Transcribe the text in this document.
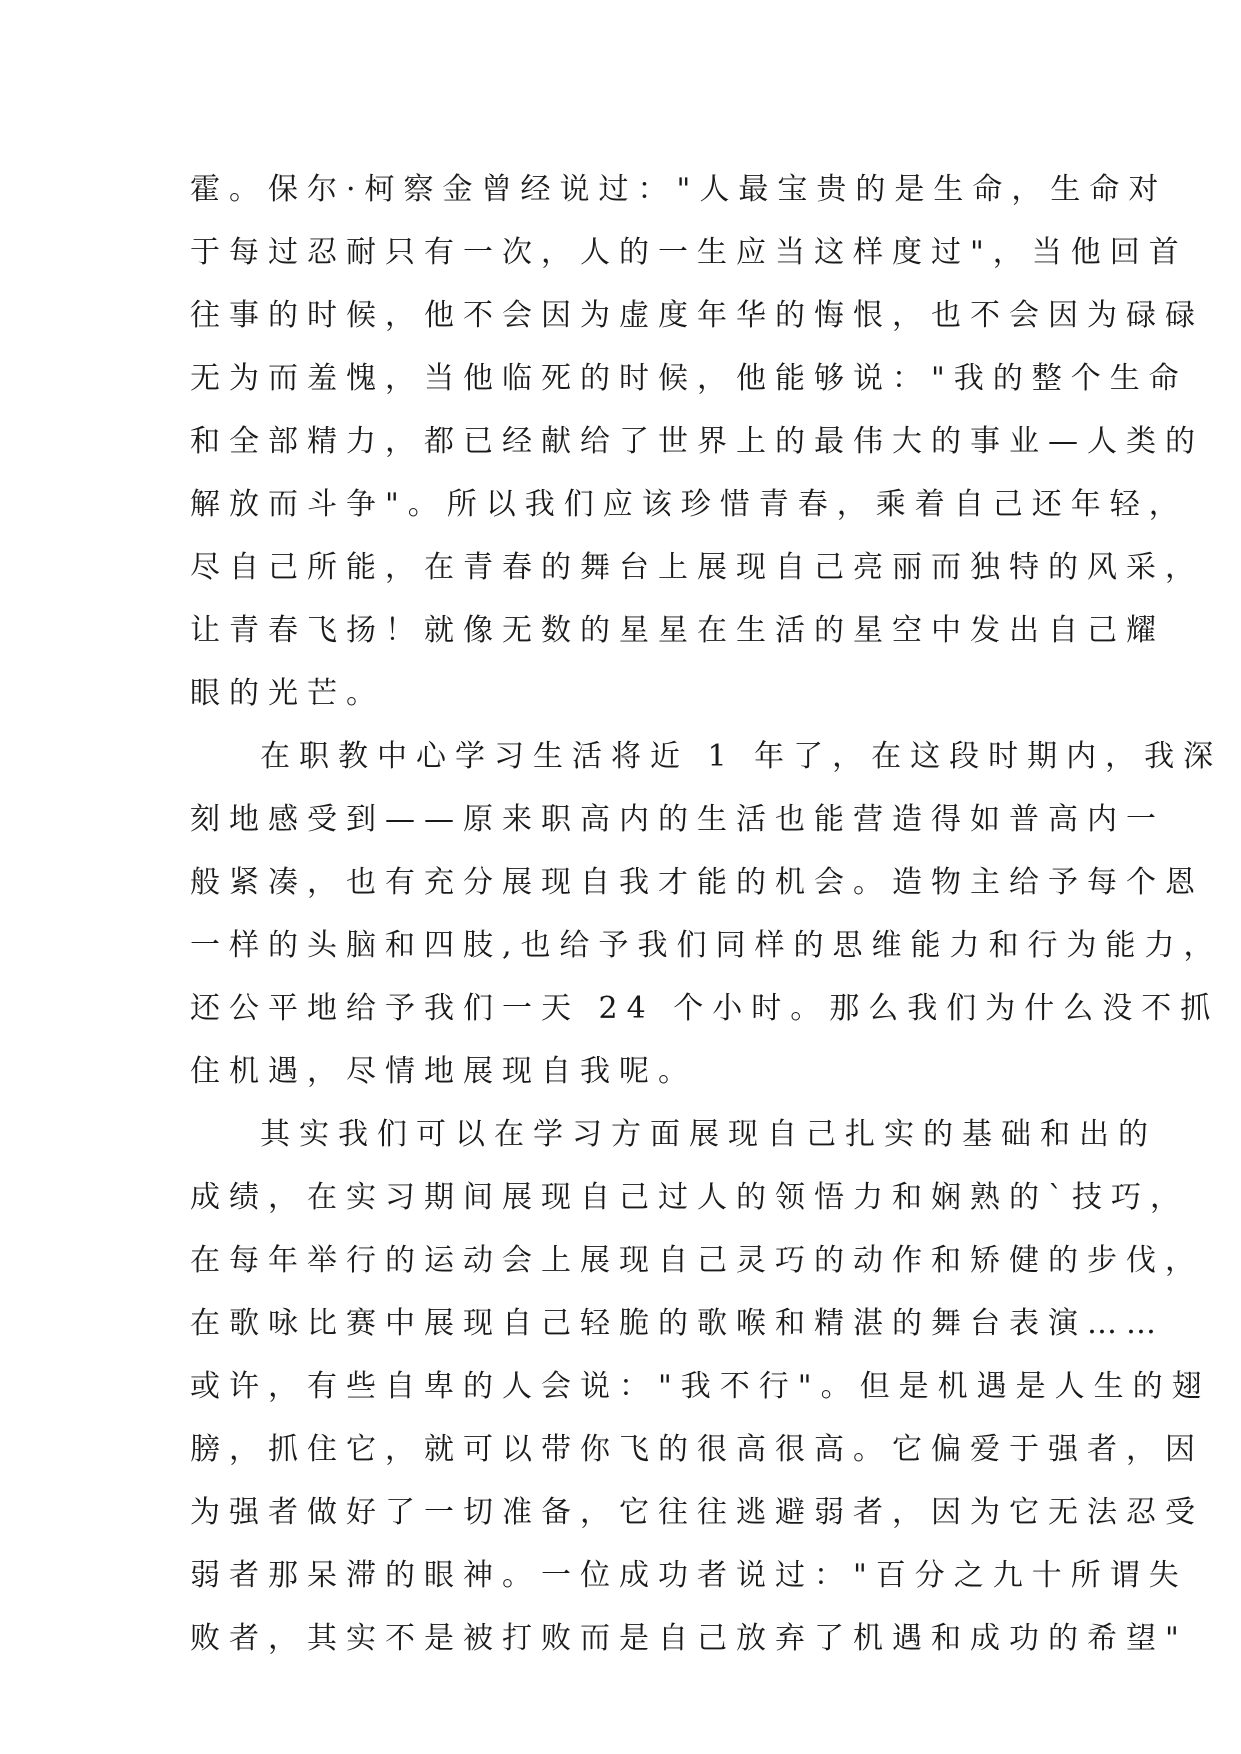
霍。保尔·柯察金曾经说过："人最宝贵的是生命，生命对
于每过忍耐只有一次，人的一生应当这样度过"，当他回首
往事的时候，他不会因为虚度年华的悔恨，也不会因为碌碌
无为而羞愧，当他临死的时候，他能够说："我的整个生命
和全部精力，都已经献给了世界上的最伟大的事业—人类的
解放而斗争"。所以我们应该珍惜青春，乘着自己还年轻，
尽自己所能，在青春的舞台上展现自己亮丽而独特的风采，
让青春飞扬！就像无数的星星在生活的星空中发出自己耀
眼的光芒。
在职教中心学习生活将近 1 年了，在这段时期内，我深
刻地感受到——原来职高内的生活也能营造得如普高内一
般紧凑，也有充分展现自我才能的机会。造物主给予每个恩
一样的头脑和四肢,也给予我们同样的思维能力和行为能力，
还公平地给予我们一天 24 个小时。那么我们为什么没不抓
住机遇，尽情地展现自我呢。
其实我们可以在学习方面展现自己扎实的基础和出的
成绩，在实习期间展现自己过人的领悟力和娴熟的`技巧，
在每年举行的运动会上展现自己灵巧的动作和矫健的步伐，
在歌咏比赛中展现自己轻脆的歌喉和精湛的舞台表演……
或许，有些自卑的人会说："我不行"。但是机遇是人生的翅
膀，抓住它，就可以带你飞的很高很高。它偏爱于强者，因
为强者做好了一切准备，它往往逃避弱者，因为它无法忍受
弱者那呆滞的眼神。一位成功者说过："百分之九十所谓失
败者，其实不是被打败而是自己放弃了机遇和成功的希望"
